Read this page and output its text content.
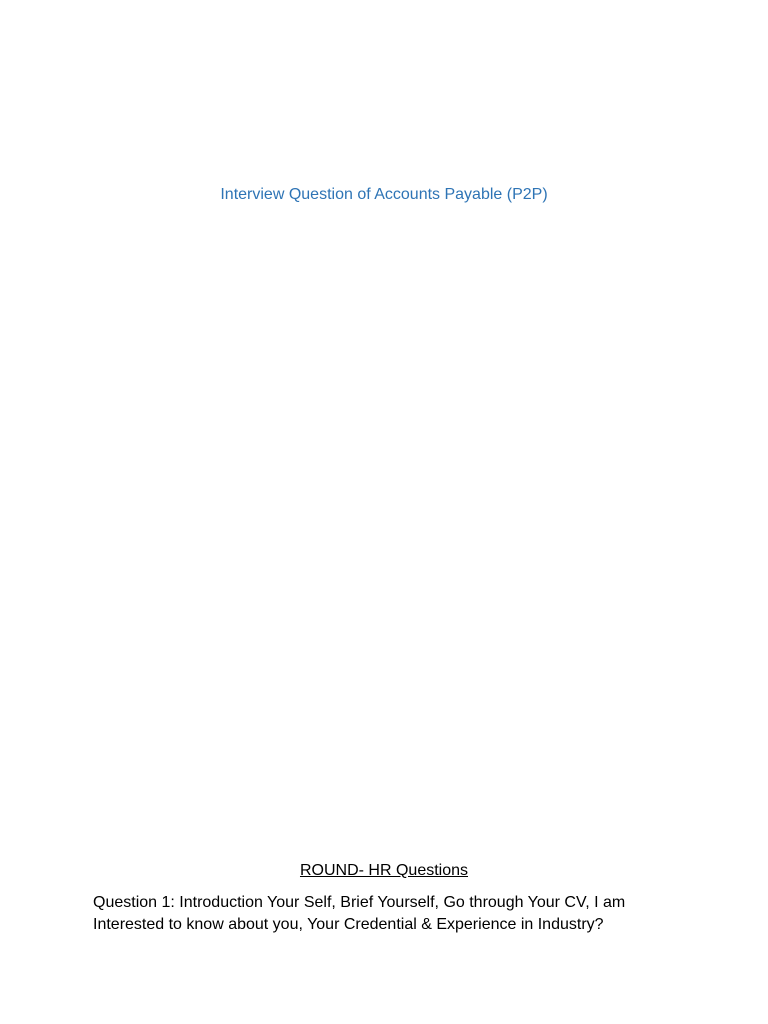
Interview Question of Accounts Payable (P2P)
ROUND- HR Questions
Question 1: Introduction Your Self, Brief Yourself, Go through Your CV, I am
Interested to know about you, Your Credential & Experience in Industry?
